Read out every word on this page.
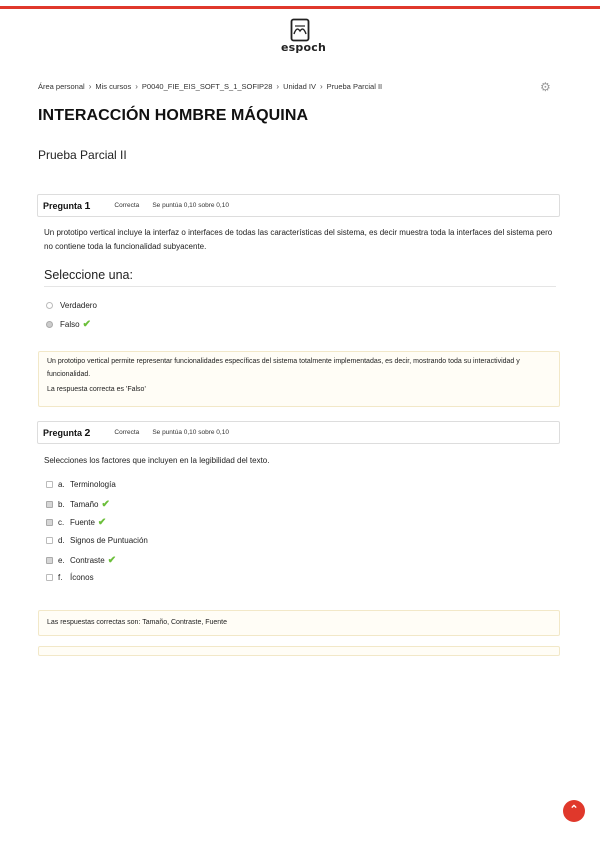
espoch
Área personal › Mis cursos › P0040_FIE_EIS_SOFT_S_1_SOFIP28 › Unidad IV › Prueba Parcial II	⚙
INTERACCIÓN HOMBRE MÁQUINA
Prueba Parcial II
Pregunta 1	Correcta Se puntúa 0,10 sobre 0,10
Un prototipo vertical incluye la interfaz o interfaces de todas las características del sistema, es decir muestra toda la interfaces del sistema pero no contiene toda la funcionalidad subyacente.
Seleccione una:
Verdadero
Falso ✔
Un prototipo vertical permite representar funcionalidades específicas del sistema totalmente implementadas, es decir, mostrando toda su interactividad y funcionalidad.
La respuesta correcta es 'Falso'
Pregunta 2	Correcta Se puntúa 0,10 sobre 0,10
Selecciones los factores que incluyen en la legibilidad del texto.
a. Terminología
b. Tamaño ✔
c. Fuente ✔
d. Signos de Puntuación
e. Contraste ✔
f. Íconos
Las respuestas correctas son: Tamaño, Contraste, Fuente
⌃
